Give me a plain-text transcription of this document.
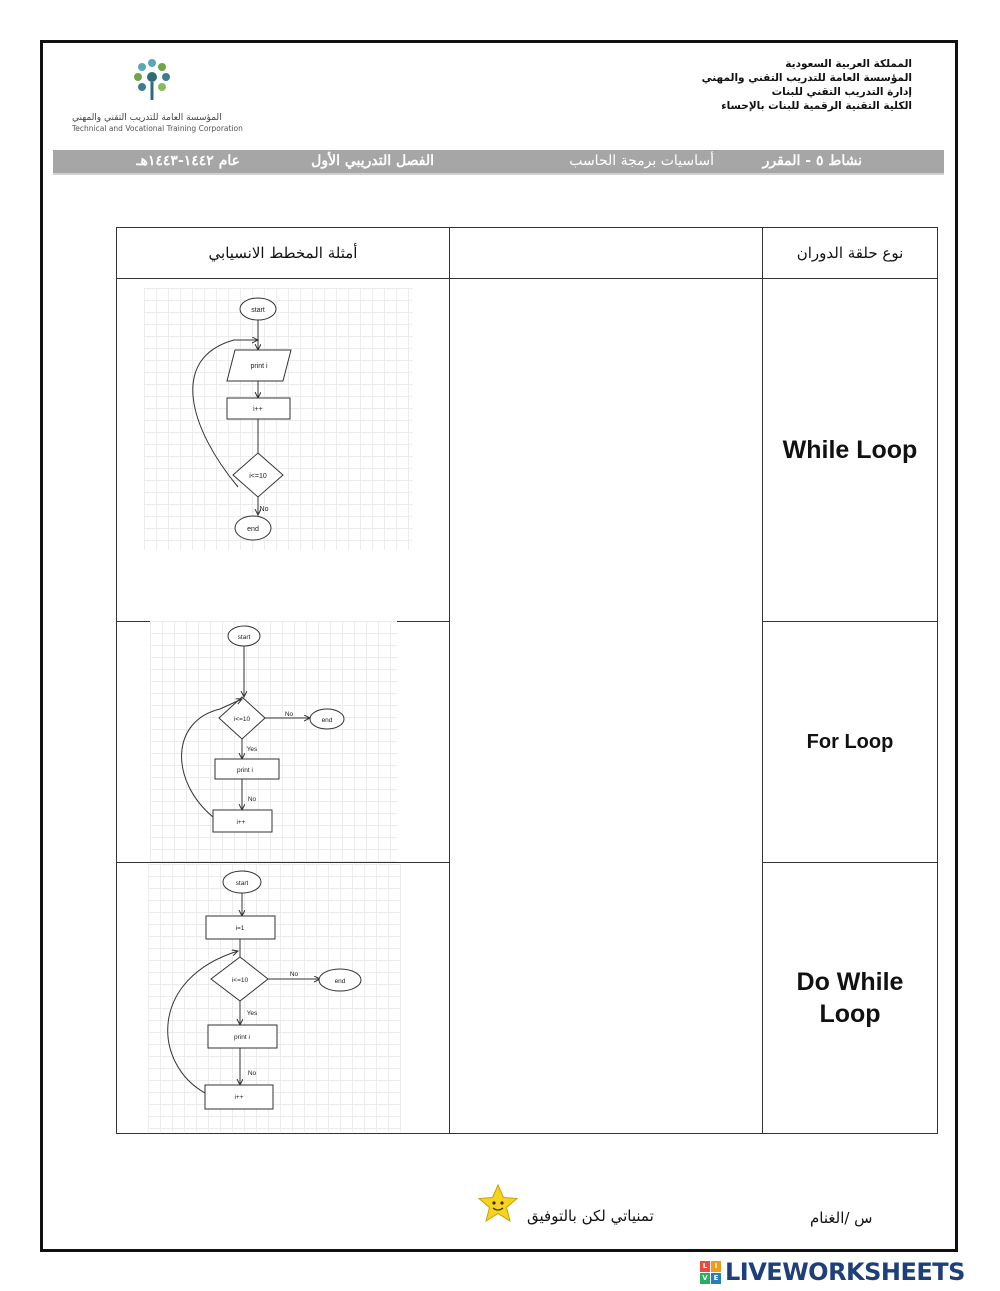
المؤسسة العامة للتدريب التقني والمهني
Technical and Vocational Training Corporation
المملكة العربية السعودية
المؤسسة العامة للتدريب التقني والمهني
إدارة التدريب التقني للبنات
الكلية التقنية الرقمية للبنات بالإحساء
نشاط ٥ - المقرر
أساسيات برمجة الحاسب
الفصل التدريبي الأول
عام ١٤٤٢-١٤٤٣هـ
أمثلة المخطط الانسيابي		نوع حلقة الدوران

		While Loop

		For Loop

		Do While Loop
start
print i
i++
i<=10
No
end
start
i<=10
No
end
Yes
print i
No
i++
start
i=1
i<=10
No
end
Yes
print i
No
i++
س /الغنام
تمنياتي لكن بالتوفيق
L	I
V E LIVEWORKSHEETS
